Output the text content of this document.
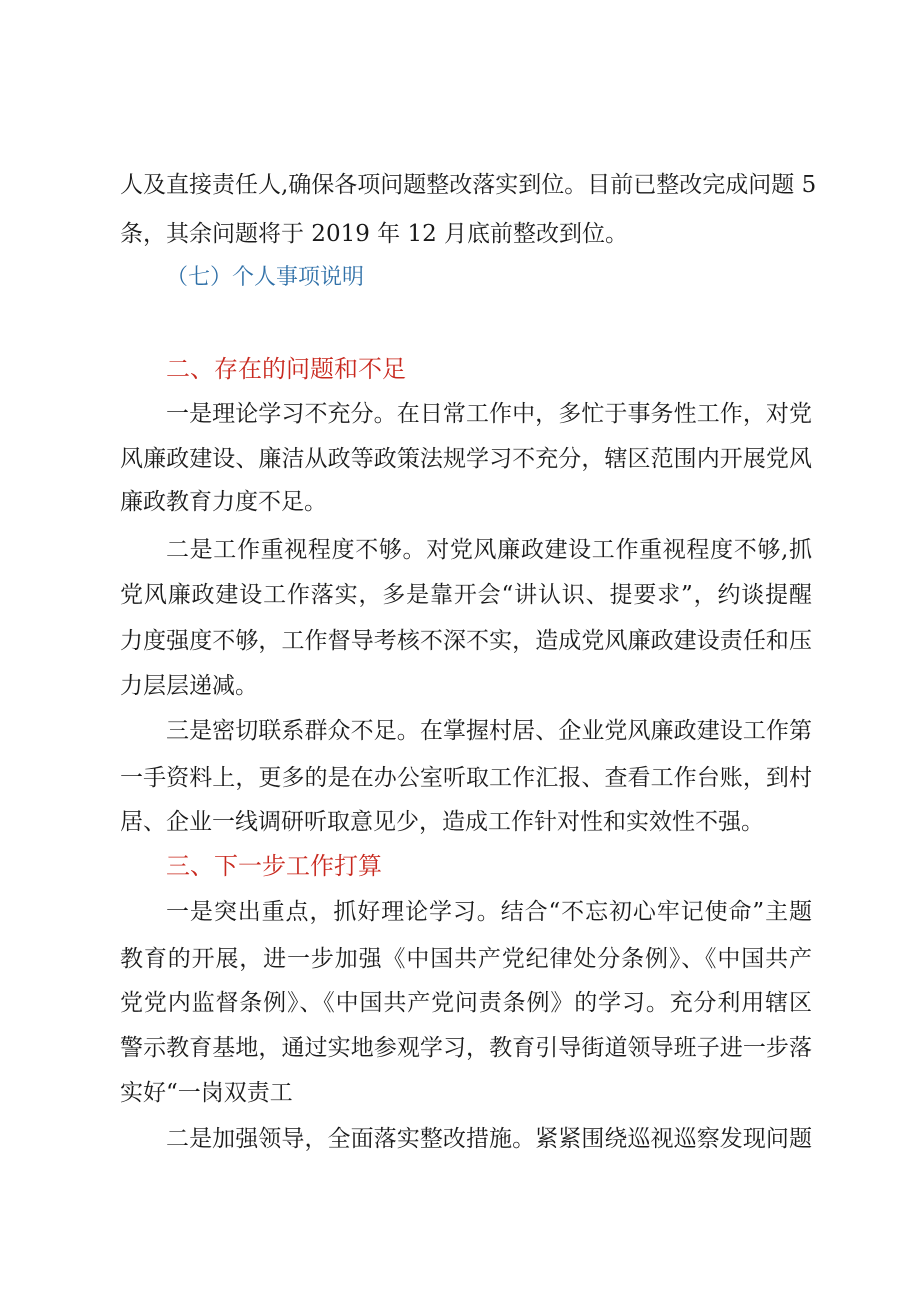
人及直接责任人,确保各项问题整改落实到位。目前已整改完成问题 5
条，其余问题将于 2019 年 12 月底前整改到位。
（七）个人事项说明
二、存在的问题和不足
一是理论学习不充分。在日常工作中，多忙于事务性工作，对党
风廉政建设、廉洁从政等政策法规学习不充分，辖区范围内开展党风
廉政教育力度不足。
二是工作重视程度不够。对党风廉政建设工作重视程度不够,抓
党风廉政建设工作落实，多是靠开会“讲认识、提要求”，约谈提醒
力度强度不够，工作督导考核不深不实，造成党风廉政建设责任和压
力层层递减。
三是密切联系群众不足。在掌握村居、企业党风廉政建设工作第
一手资料上，更多的是在办公室听取工作汇报、查看工作台账，到村
居、企业一线调研听取意见少，造成工作针对性和实效性不强。
三、下一步工作打算
一是突出重点，抓好理论学习。结合“不忘初心牢记使命”主题
教育的开展，进一步加强《中国共产党纪律处分条例》、《中国共产
党党内监督条例》、《中国共产党问责条例》的学习。充分利用辖区
警示教育基地，通过实地参观学习，教育引导街道领导班子进一步落
实好“一岗双责工
二是加强领导，全面落实整改措施。紧紧围绕巡视巡察发现问题
